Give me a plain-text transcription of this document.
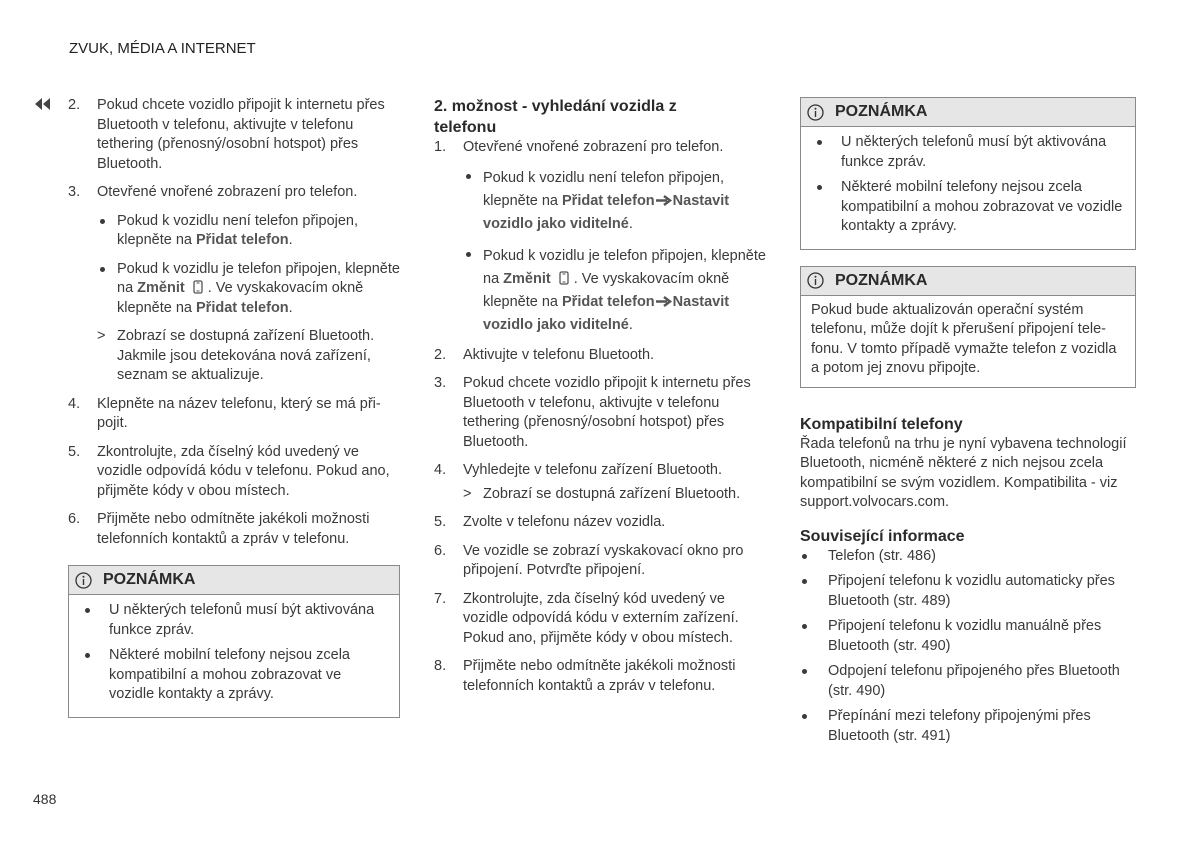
ZVUK, MÉDIA A INTERNET
2. Pokud chcete vozidlo připojit k internetu přes Bluetooth v telefonu, aktivujte v telefonu tethering (přenosný/osobní hotspot) přes Bluetooth.
3. Otevřené vnořené zobrazení pro telefon.
Pokud k vozidlu není telefon připojen, klepněte na Přidat telefon.
Pokud k vozidlu je telefon připojen, klepněte na Změnit . Ve vyskakovacím okně klepněte na Přidat telefon.
> Zobrazí se dostupná zařízení Bluetooth. Jakmile jsou detekována nová zařízení, seznam se aktualizuje.
4. Klepněte na název telefonu, který se má připojit.
5. Zkontrolujte, zda číselný kód uvedený ve vozidle odpovídá kódu v telefonu. Pokud ano, přijměte kódy v obou místech.
6. Přijměte nebo odmítněte jakékoli možnosti telefonních kontaktů a zpráv v telefonu.
POZNÁMKA
U některých telefonů musí být aktivována funkce zpráv.
Některé mobilní telefony nejsou zcela kompatibilní a mohou zobrazovat ve vozidle kontakty a zprávy.
2. možnost - vyhledání vozidla z telefonu
1. Otevřené vnořené zobrazení pro telefon.
Pokud k vozidlu není telefon připojen, klepněte na Přidat telefon Nastavit vozidlo jako viditelné.
Pokud k vozidlu je telefon připojen, klepněte na Změnit . Ve vyskakovacím okně klepněte na Přidat telefon Nastavit vozidlo jako viditelné.
2. Aktivujte v telefonu Bluetooth.
3. Pokud chcete vozidlo připojit k internetu přes Bluetooth v telefonu, aktivujte v telefonu tethering (přenosný/osobní hotspot) přes Bluetooth.
4. Vyhledejte v telefonu zařízení Bluetooth.
> Zobrazí se dostupná zařízení Bluetooth.
5. Zvolte v telefonu název vozidla.
6. Ve vozidle se zobrazí vyskakovací okno pro připojení. Potvrďte připojení.
7. Zkontrolujte, zda číselný kód uvedený ve vozidle odpovídá kódu v externím zařízení. Pokud ano, přijměte kódy v obou místech.
8. Přijměte nebo odmítněte jakékoli možnosti telefonních kontaktů a zpráv v telefonu.
POZNÁMKA
U některých telefonů musí být aktivována funkce zpráv.
Některé mobilní telefony nejsou zcela kompatibilní a mohou zobrazovat ve vozidle kontakty a zprávy.
POZNÁMKA
Pokud bude aktualizován operační systém telefonu, může dojít k přerušení připojení telefonu. V tomto případě vymažte telefon z vozidla a potom jej znovu připojte.
Kompatibilní telefony
Řada telefonů na trhu je nyní vybavena technologií Bluetooth, nicméně některé z nich nejsou zcela kompatibilní se svým vozidlem. Kompatibilita - viz support.volvocars.com.
Související informace
Telefon (str. 486)
Připojení telefonu k vozidlu automaticky přes Bluetooth (str. 489)
Připojení telefonu k vozidlu manuálně přes Bluetooth (str. 490)
Odpojení telefonu připojeného přes Bluetooth (str. 490)
Přepínání mezi telefony připojenými přes Bluetooth (str. 491)
488
